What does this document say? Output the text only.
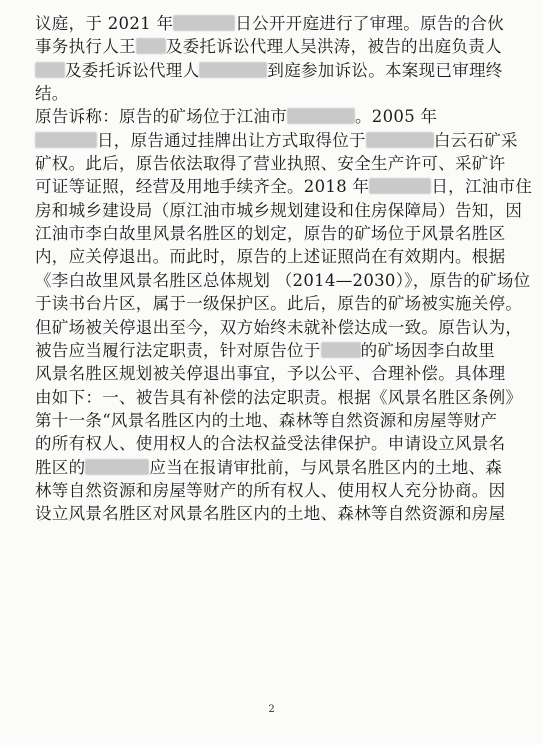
议庭，于 2021 年	日公开开庭进行了审理。原告的合伙
事务执行人王 及委托诉讼代理人吴洪涛，被告的出庭负责人
及委托诉讼代理人	到庭参加诉讼。本案现已审理终
结。
原告诉称：原告的矿场位于江油市	。2005 年
日，原告通过挂牌出让方式取得位于	白云石矿采
矿权。此后，原告依法取得了营业执照、安全生产许可、采矿许
可证等证照，经营及用地手续齐全。2018 年	日，江油市住
房和城乡建设局（原江油市城乡规划建设和住房保障局）告知，因
江油市李白故里风景名胜区的划定，原告的矿场位于风景名胜区
内，应关停退出。而此时，原告的上述证照尚在有效期内。根据
《李白故里风景名胜区总体规划 （2014—2030）》，原告的矿场位
于读书台片区，属于一级保护区。此后，原告的矿场被实施关停。
但矿场被关停退出至今，双方始终未就补偿达成一致。原告认为，
被告应当履行法定职责，针对原告位于 的矿场因李白故里
风景名胜区规划被关停退出事宜，予以公平、合理补偿。具体理
由如下：一、被告具有补偿的法定职责。根据《风景名胜区条例》
第十一条“风景名胜区内的土地、森林等自然资源和房屋等财产
的所有权人、使用权人的合法权益受法律保护。申请设立风景名
胜区的	应当在报请审批前，与风景名胜区内的土地、森
林等自然资源和房屋等财产的所有权人、使用权人充分协商。因
设立风景名胜区对风景名胜区内的土地、森林等自然资源和房屋
2
